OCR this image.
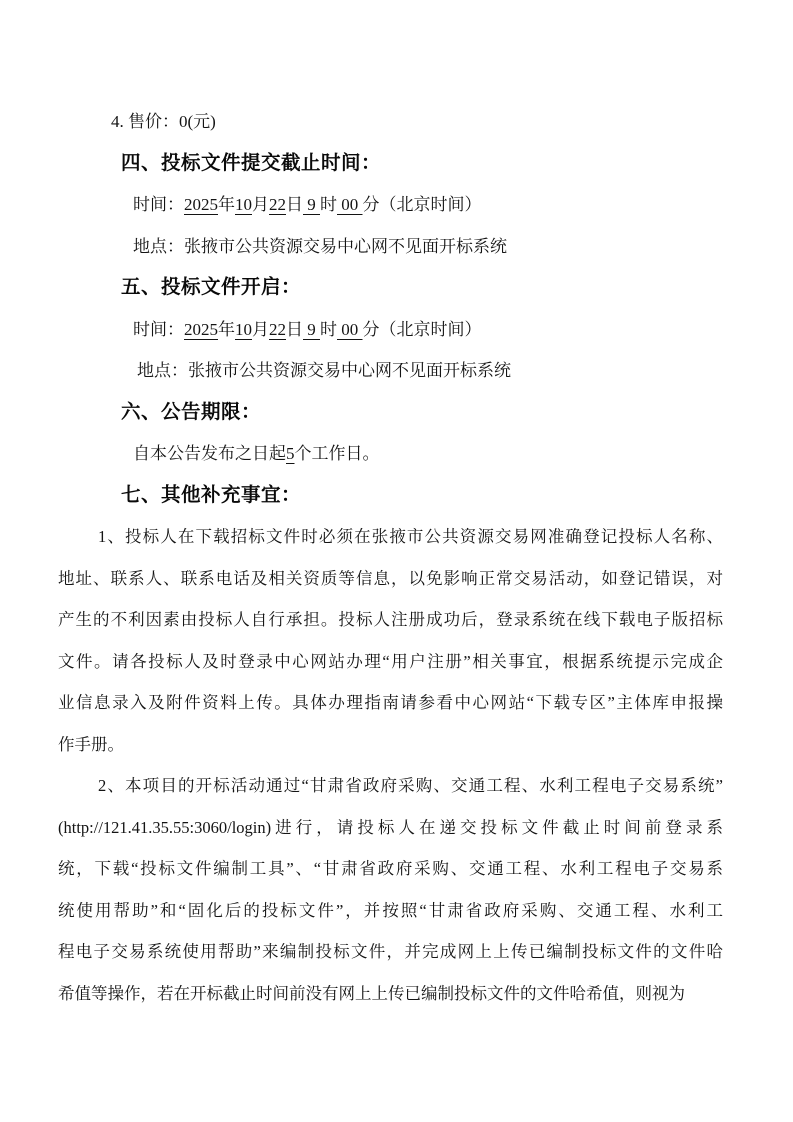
4. 售价：0(元)
四、投标文件提交截止时间：
时间：2025年10月22日 9 时 00 分（北京时间）
地点：张掖市公共资源交易中心网不见面开标系统
五、投标文件开启：
时间：2025年10月22日 9 时 00 分（北京时间）
地点：张掖市公共资源交易中心网不见面开标系统
六、公告期限：
自本公告发布之日起5个工作日。
七、其他补充事宜：
1、投标人在下载招标文件时必须在张掖市公共资源交易网准确登记投标人名称、
地址、联系人、联系电话及相关资质等信息，以免影响正常交易活动，如登记错误，对
产生的不利因素由投标人自行承担。投标人注册成功后，登录系统在线下载电子版招标
文件。请各投标人及时登录中心网站办理“用户注册”相关事宜，根据系统提示完成企
业信息录入及附件资料上传。具体办理指南请参看中心网站“下载专区”主体库申报操
作手册。
2、本项目的开标活动通过“甘肃省政府采购、交通工程、水利工程电子交易系统”
(http://121.41.35.55:3060/login)进行，请投标人在递交投标文件截止时间前登录系
统，下载“投标文件编制工具”、“甘肃省政府采购、交通工程、水利工程电子交易系
统使用帮助”和“固化后的投标文件”，并按照“甘肃省政府采购、交通工程、水利工
程电子交易系统使用帮助”来编制投标文件，并完成网上上传已编制投标文件的文件哈
希值等操作，若在开标截止时间前没有网上上传已编制投标文件的文件哈希值，则视为
